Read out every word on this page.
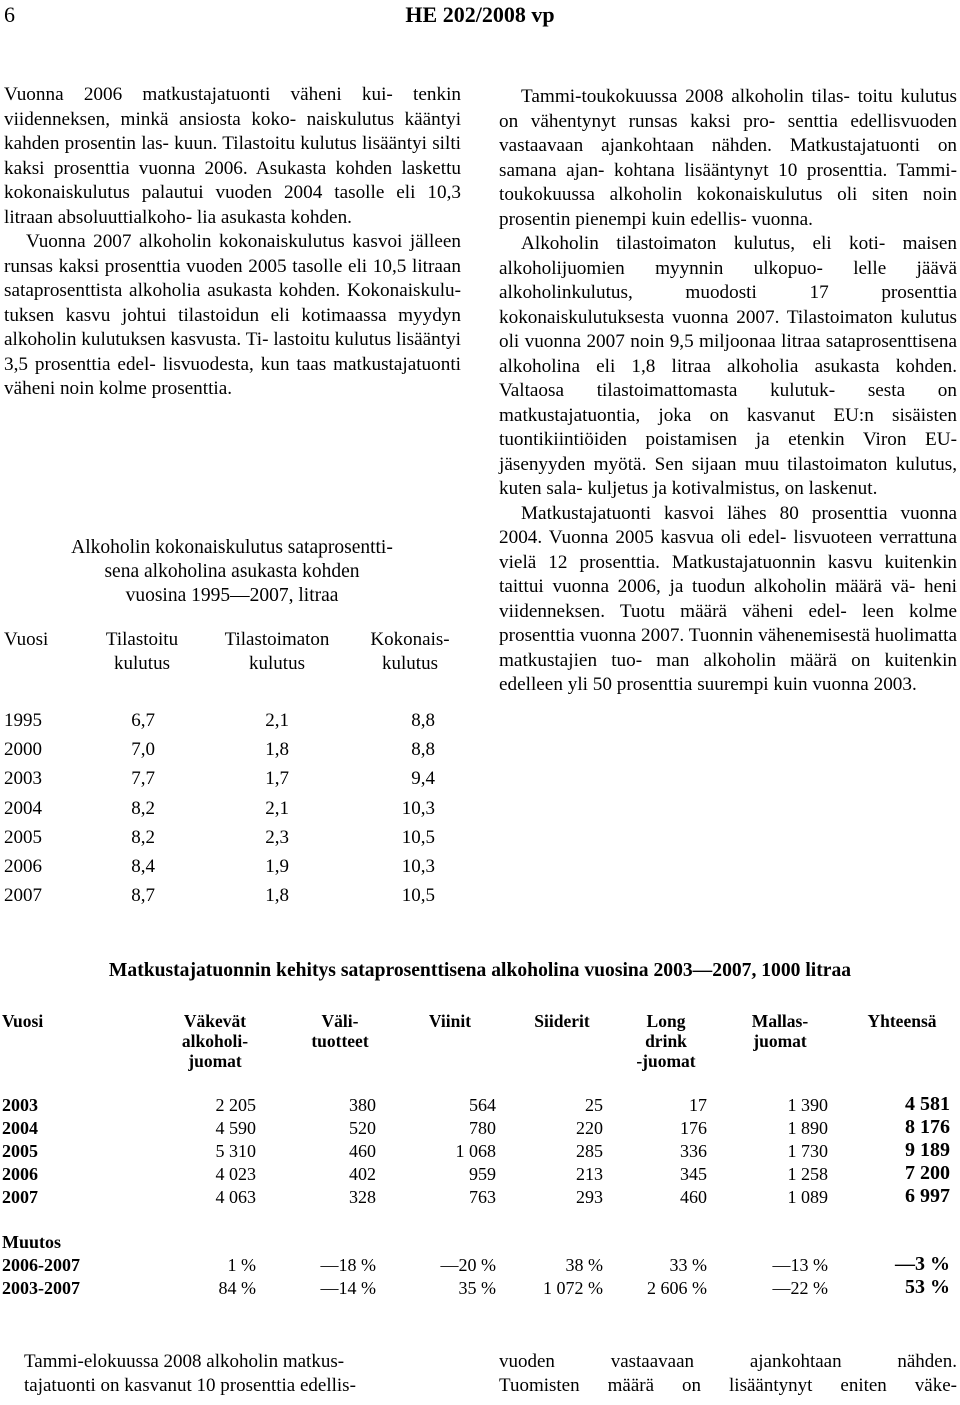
6	HE 202/2008 vp

Vuonna 2006 matkustajatuonti väheni kui- tenkin viidenneksen, minkä ansiosta koko- naiskulutus kääntyi kahden prosentin las- kuun. Tilastoitu kulutus lisääntyi silti kaksi prosenttia vuonna 2006. Asukasta kohden laskettu kokonaiskulutus palautui vuoden 2004 tasolle eli 10,3 litraan absoluuttialkoho- lia asukasta kohden.

Vuonna 2007 alkoholin kokonaiskulutus kasvoi jälleen runsas kaksi prosenttia vuoden 2005 tasolle eli 10,5 litraan sataprosenttista alkoholia asukasta kohden. Kokonaiskulu- tuksen kasvu johtui tilastoidun eli kotimaassa myydyn alkoholin kulutuksen kasvusta. Ti- lastoitu kulutus lisääntyi 3,5 prosenttia edel- lisvuodesta, kun taas matkustajatuonti väheni noin kolme prosenttia.

Alkoholin kokonaiskulutus sataprosentti-
sena alkoholina asukasta kohden
vuosina 1995—2007, litraa
Vuosi	Tilastoitu
kulutus
Tilastoimaton
kulutus
Kokonais-
kulutus
1995	6,7	2,1	8,8
2000	7,0	1,8	8,8
2003	7,7	1,7	9,4
2004	8,2	2,1	10,3
2005	8,2	2,3	10,5
2006	8,4	1,9	10,3
2007	8,7	1,8	10,5

Tammi-toukokuussa 2008 alkoholin tilas- toitu kulutus on vähentynyt runsas kaksi pro- senttia edellisvuoden vastaavaan ajankohtaan nähden. Matkustajatuonti on samana ajan- kohtana lisääntynyt 10 prosenttia. Tammi- toukokuussa alkoholin kokonaiskulutus oli siten noin prosentin pienempi kuin edellis- vuonna.

Alkoholin tilastoimaton kulutus, eli koti- maisen alkoholijuomien myynnin ulkopuo- lelle jäävä alkoholinkulutus, muodosti	17 prosenttia kokonaiskulutuksesta vuonna 2007. Tilastoimaton kulutus oli vuonna 2007 noin 9,5 miljoonaa litraa sataprosenttisena alkoholina eli 1,8 litraa alkoholia asukasta kohden. Valtaosa tilastoimattomasta kulutuk- sesta on matkustajatuontia, joka on kasvanut EU:n sisäisten tuontikiintiöiden poistamisen ja etenkin Viron EU-jäsenyyden myötä. Sen sijaan muu tilastoimaton kulutus, kuten sala- kuljetus ja kotivalmistus, on laskenut.

Matkustajatuonti kasvoi lähes 80 prosenttia vuonna 2004. Vuonna 2005 kasvua oli edel- lisvuoteen verrattuna vielä 12 prosenttia. Matkustajatuonnin kasvu kuitenkin taittui vuonna 2006, ja tuodun alkoholin määrä vä- heni viidenneksen. Tuotu määrä väheni edel- leen kolme prosenttia vuonna 2007. Tuonnin vähenemisestä huolimatta matkustajien tuo- man alkoholin määrä on kuitenkin edelleen yli 50 prosenttia suurempi kuin vuonna 2003.

Matkustajatuonnin kehitys sataprosenttisena alkoholina vuosina 2003—2007, 1000 litraa
Vuosi	Väkevät
alkoholi-
juomat
Väli-
tuotteet
Viinit	Siiderit	Long
drink
-juomat
Mallas-
juomat
Yhteensä
2003	2 205	380	564	25	17	1 390	4 581
2004	4 590	520	780	220	176	1 890	8 176
2005	5 310	460	1 068	285	336	1 730	9 189
2006	4 023	402	959	213	345	1 258	7 200
2007	4 063	328	763	293	460	1 089	6 997
Muutos
2006-2007	1 %	—18 %	—20 %	38 %	33 %	—13 %	—3 %
2003-2007	84 %	—14 %	35 %	1 072 % 2 606 %	—22 %	53 %
Tammi-elokuussa 2008 alkoholin matkus-
tajatuonti on kasvanut 10 prosenttia edellis-
vuoden vastaavaan ajankohtaan nähden.
Tuomisten määrä on lisääntynyt eniten väke-
